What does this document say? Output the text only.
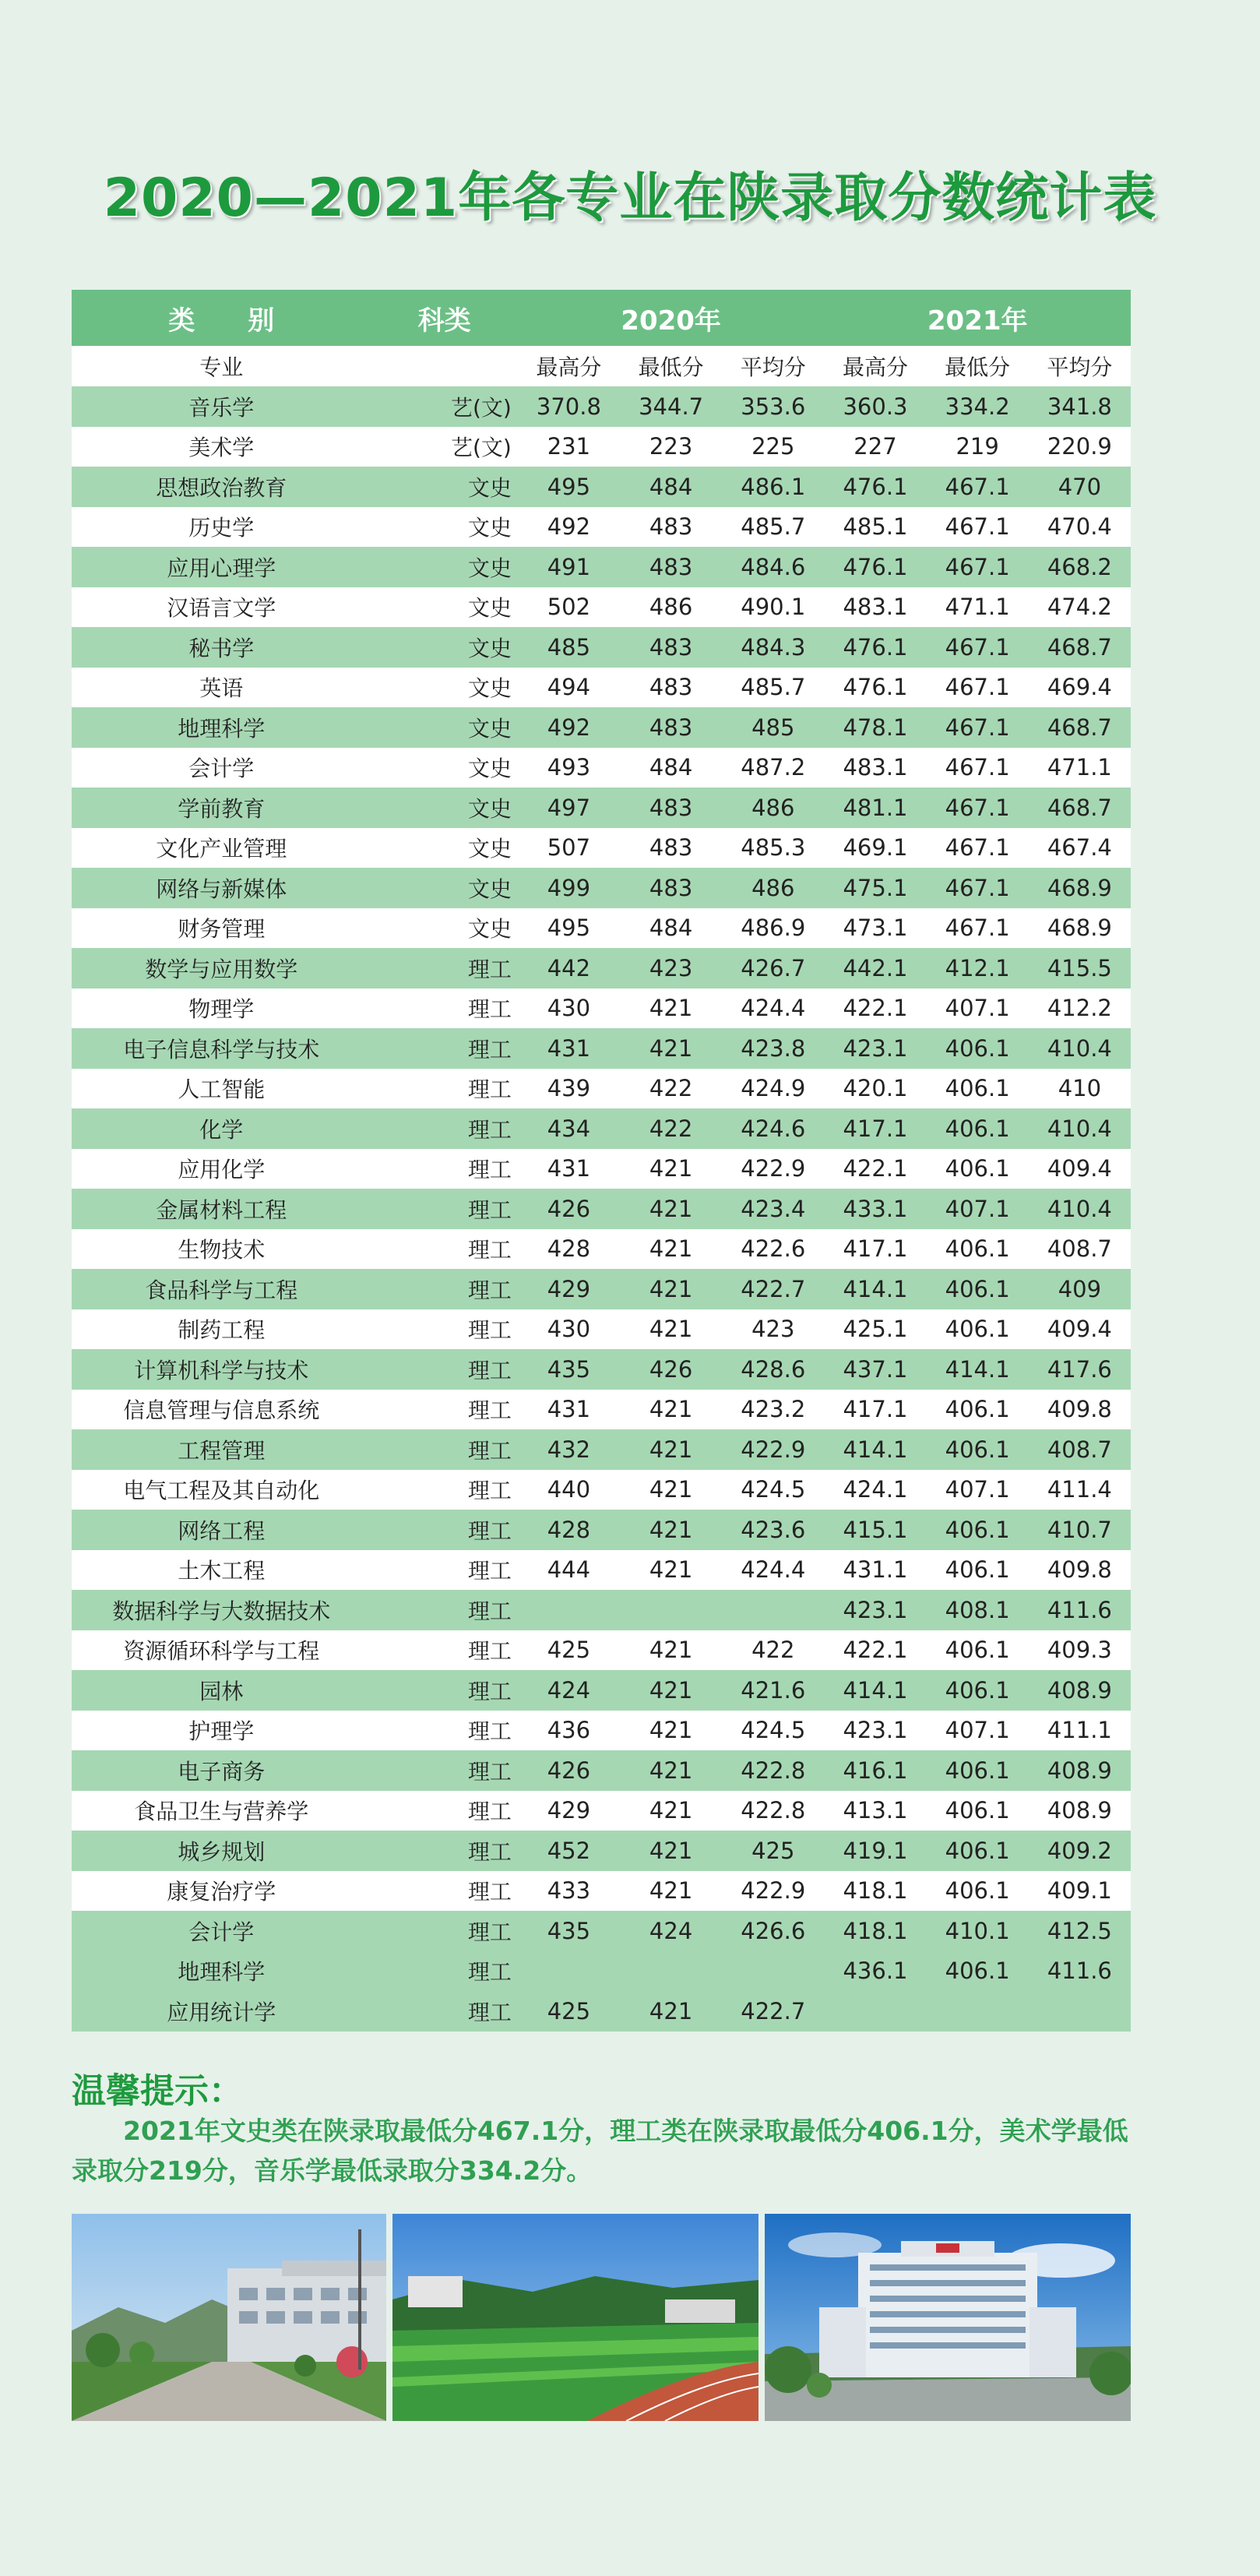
2020—2021年各专业在陕录取分数统计表
类　　别	科类	2020年			2021年		
专业		最高分	最低分	平均分	最高分	最低分	平均分
音乐学	艺(文)	370.8	344.7	353.6	360.3	334.2	341.8
美术学	艺(文)	231	223	225	227	219	220.9
思想政治教育	文史	495	484	486.1	476.1	467.1	470
历史学	文史	492	483	485.7	485.1	467.1	470.4
应用心理学	文史	491	483	484.6	476.1	467.1	468.2
汉语言文学	文史	502	486	490.1	483.1	471.1	474.2
秘书学	文史	485	483	484.3	476.1	467.1	468.7
英语	文史	494	483	485.7	476.1	467.1	469.4
地理科学	文史	492	483	485	478.1	467.1	468.7
会计学	文史	493	484	487.2	483.1	467.1	471.1
学前教育	文史	497	483	486	481.1	467.1	468.7
文化产业管理	文史	507	483	485.3	469.1	467.1	467.4
网络与新媒体	文史	499	483	486	475.1	467.1	468.9
财务管理	文史	495	484	486.9	473.1	467.1	468.9
数学与应用数学	理工	442	423	426.7	442.1	412.1	415.5
物理学	理工	430	421	424.4	422.1	407.1	412.2
电子信息科学与技术	理工	431	421	423.8	423.1	406.1	410.4
人工智能	理工	439	422	424.9	420.1	406.1	410
化学	理工	434	422	424.6	417.1	406.1	410.4
应用化学	理工	431	421	422.9	422.1	406.1	409.4
金属材料工程	理工	426	421	423.4	433.1	407.1	410.4
生物技术	理工	428	421	422.6	417.1	406.1	408.7
食品科学与工程	理工	429	421	422.7	414.1	406.1	409
制药工程	理工	430	421	423	425.1	406.1	409.4
计算机科学与技术	理工	435	426	428.6	437.1	414.1	417.6
信息管理与信息系统	理工	431	421	423.2	417.1	406.1	409.8
工程管理	理工	432	421	422.9	414.1	406.1	408.7
电气工程及其自动化	理工	440	421	424.5	424.1	407.1	411.4
网络工程	理工	428	421	423.6	415.1	406.1	410.7
土木工程	理工	444	421	424.4	431.1	406.1	409.8
数据科学与大数据技术	理工				423.1	408.1	411.6
资源循环科学与工程	理工	425	421	422	422.1	406.1	409.3
园林	理工	424	421	421.6	414.1	406.1	408.9
护理学	理工	436	421	424.5	423.1	407.1	411.1
电子商务	理工	426	421	422.8	416.1	406.1	408.9
食品卫生与营养学	理工	429	421	422.8	413.1	406.1	408.9
城乡规划	理工	452	421	425	419.1	406.1	409.2
康复治疗学	理工	433	421	422.9	418.1	406.1	409.1
会计学	理工	435	424	426.6	418.1	410.1	412.5
地理科学	理工				436.1	406.1	411.6
应用统计学	理工	425	421	422.7			
温馨提示：
2021年文史类在陕录取最低分467.1分，理工类在陕录取最低分406.1分，美术学最低录取分219分，音乐学最低录取分334.2分。
